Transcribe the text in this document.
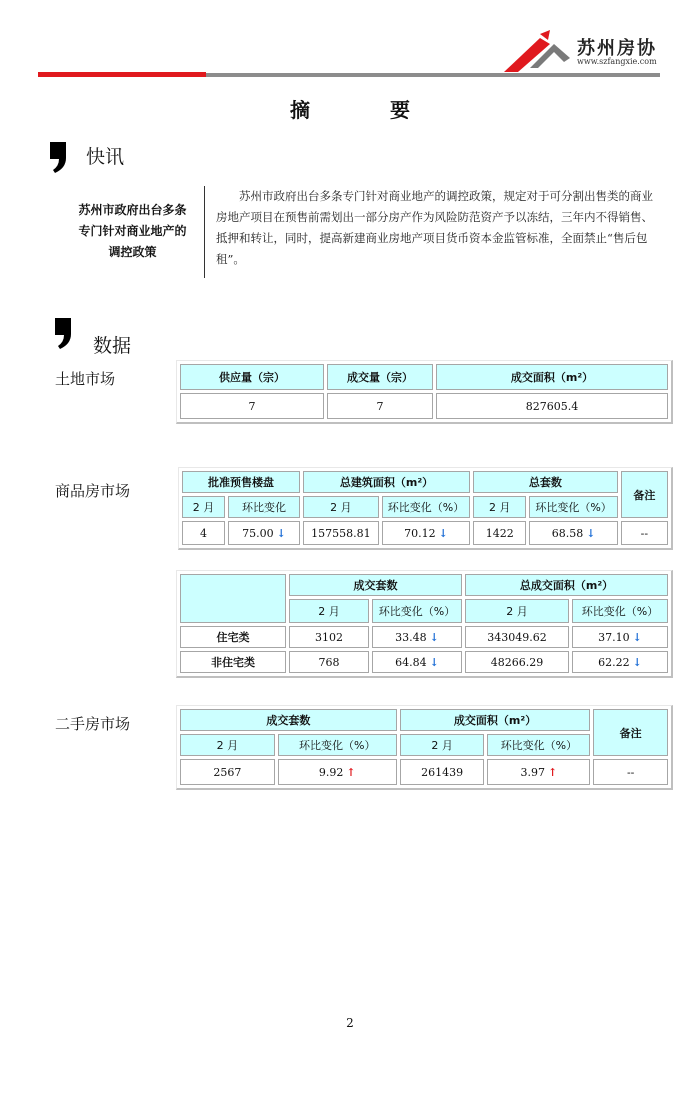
苏州房协
www.szfangxie.com
摘	要
快讯
苏州市政府出台多条
专门针对商业地产的
调控政策
苏州市政府出台多条专门针对商业地产的调控政策，规定对于可分割出售类的商业房地产项目在预售前需划出一部分房产作为风险防范资产予以冻结，三年内不得销售、抵押和转让，同时，提高新建商业房地产项目货币资本金监管标准，全面禁止“售后包租”。
数据
土地市场	供应量（宗）	成交量（宗）	成交面积（m²）
7	7	827605.4
商品房市场	批准预售楼盘		总建筑面积（m²）		总套数		备注
2 月	环比变化	2 月	环比变化（%）	2 月	环比变化（%）	
4	75.00 ↓	157558.81	70.12 ↓	1422	68.58 ↓	--
	成交套数		总成交面积（m²）	
	2 月	环比变化（%）	2 月	环比变化（%）
住宅类	3102	33.48 ↓	343049.62	37.10 ↓
非住宅类	768	64.84 ↓	48266.29	62.22 ↓
二手房市场	成交套数		成交面积（m²）		备注
2 月	环比变化（%）	2 月	环比变化（%）	
2567	9.92 ↑	261439	3.97 ↑	--
2
